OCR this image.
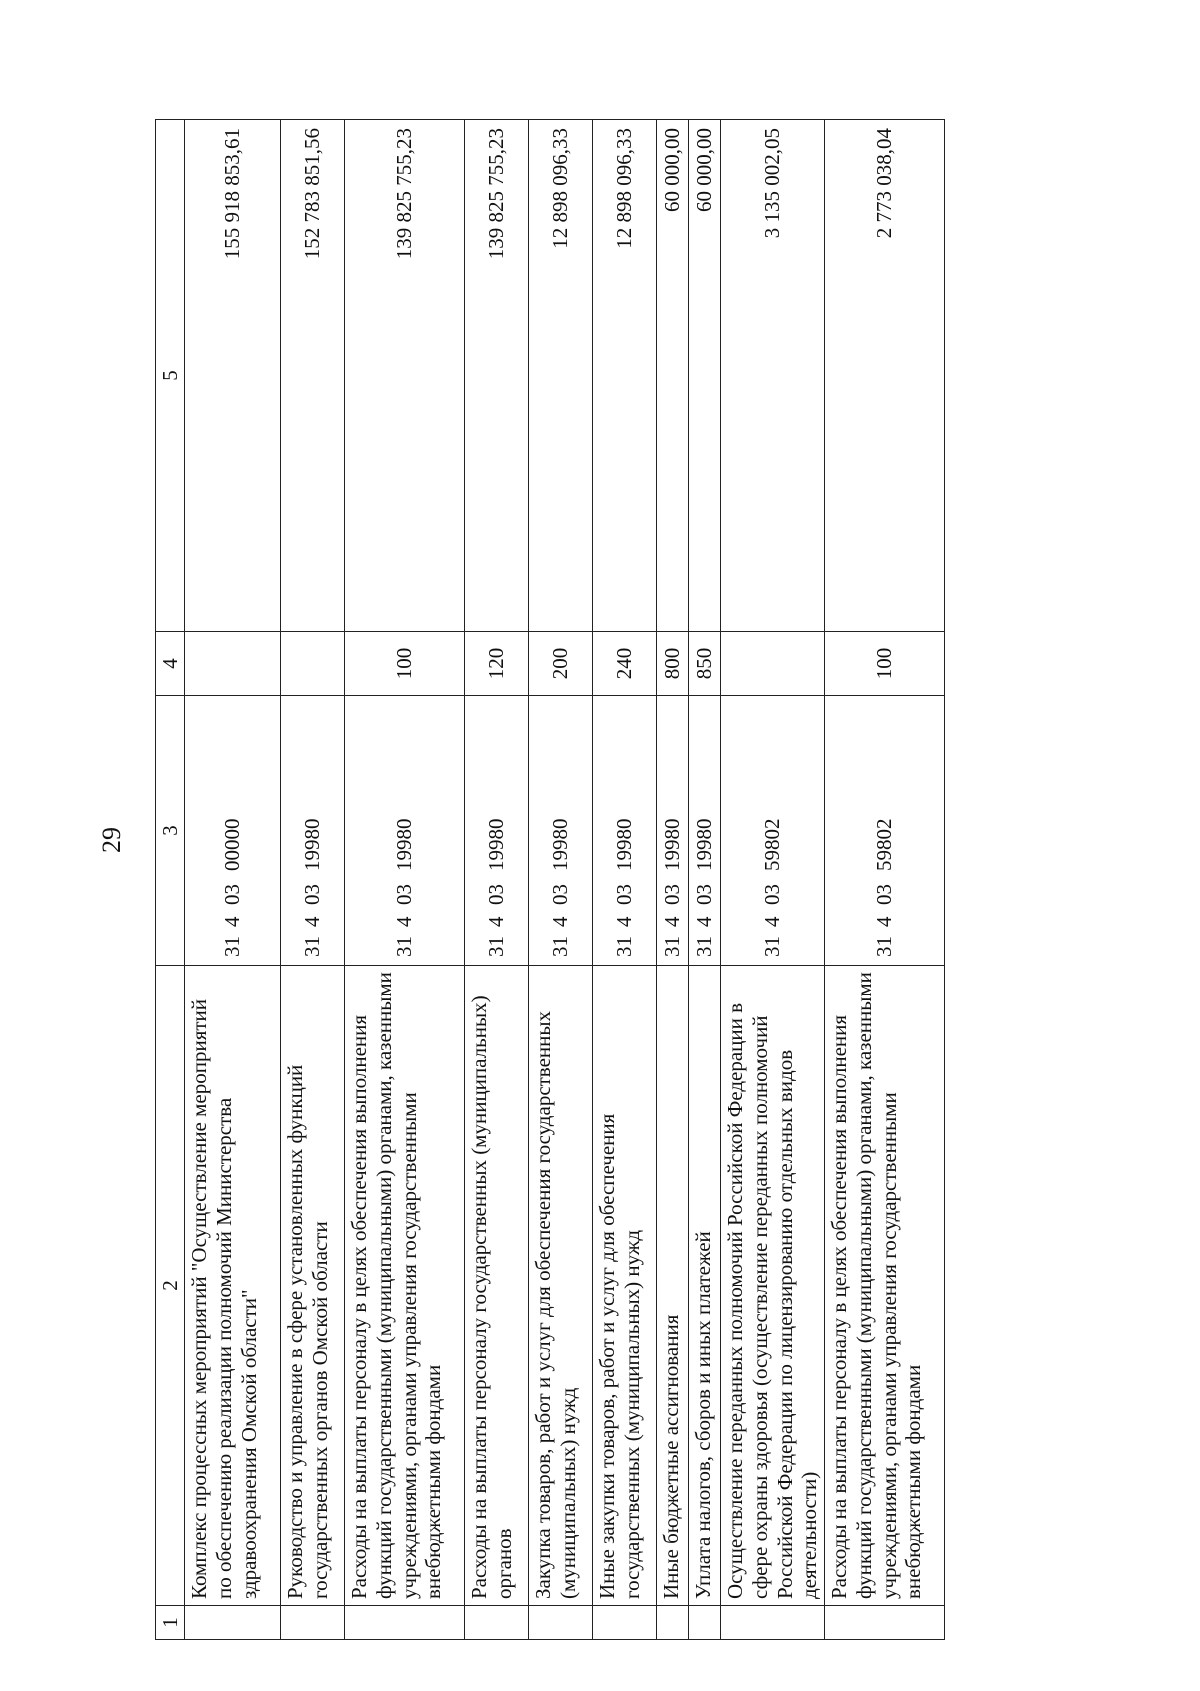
29
1	2	3	4	5
	Комплекс процессных мероприятий "Осуществление мероприятий по обеспечению реализации полномочий Министерства здравоохранения Омской области"	3140300000		155 918 853,61
	Руководство и управление в сфере установленных функций государственных органов Омской области	3140319980		152 783 851,56
	Расходы на выплаты персоналу в целях обеспечения выполнения функций государственными (муниципальными) органами, казенными учреждениями, органами управления государственными внебюджетными фондами	3140319980	100	139 825 755,23
	Расходы на выплаты персоналу государственных (муниципальных) органов	3140319980	120	139 825 755,23
	Закупка товаров, работ и услуг для обеспечения государственных (муниципальных) нужд	3140319980	200	12 898 096,33
	Иные закупки товаров, работ и услуг для обеспечения государственных (муниципальных) нужд	3140319980	240	12 898 096,33
	Иные бюджетные ассигнования	3140319980	800	60 000,00
	Уплата налогов, сборов и иных платежей	3140319980	850	60 000,00
	Осуществление переданных полномочий Российской Федерации в сфере охраны здоровья (осуществление переданных полномочий Российской Федерации по лицензированию отдельных видов деятельности)	3140359802		3 135 002,05
	Расходы на выплаты персоналу в целях обеспечения выполнения функций государственными (муниципальными) органами, казенными учреждениями, органами управления государственными внебюджетными фондами	3140359802	100	2 773 038,04
